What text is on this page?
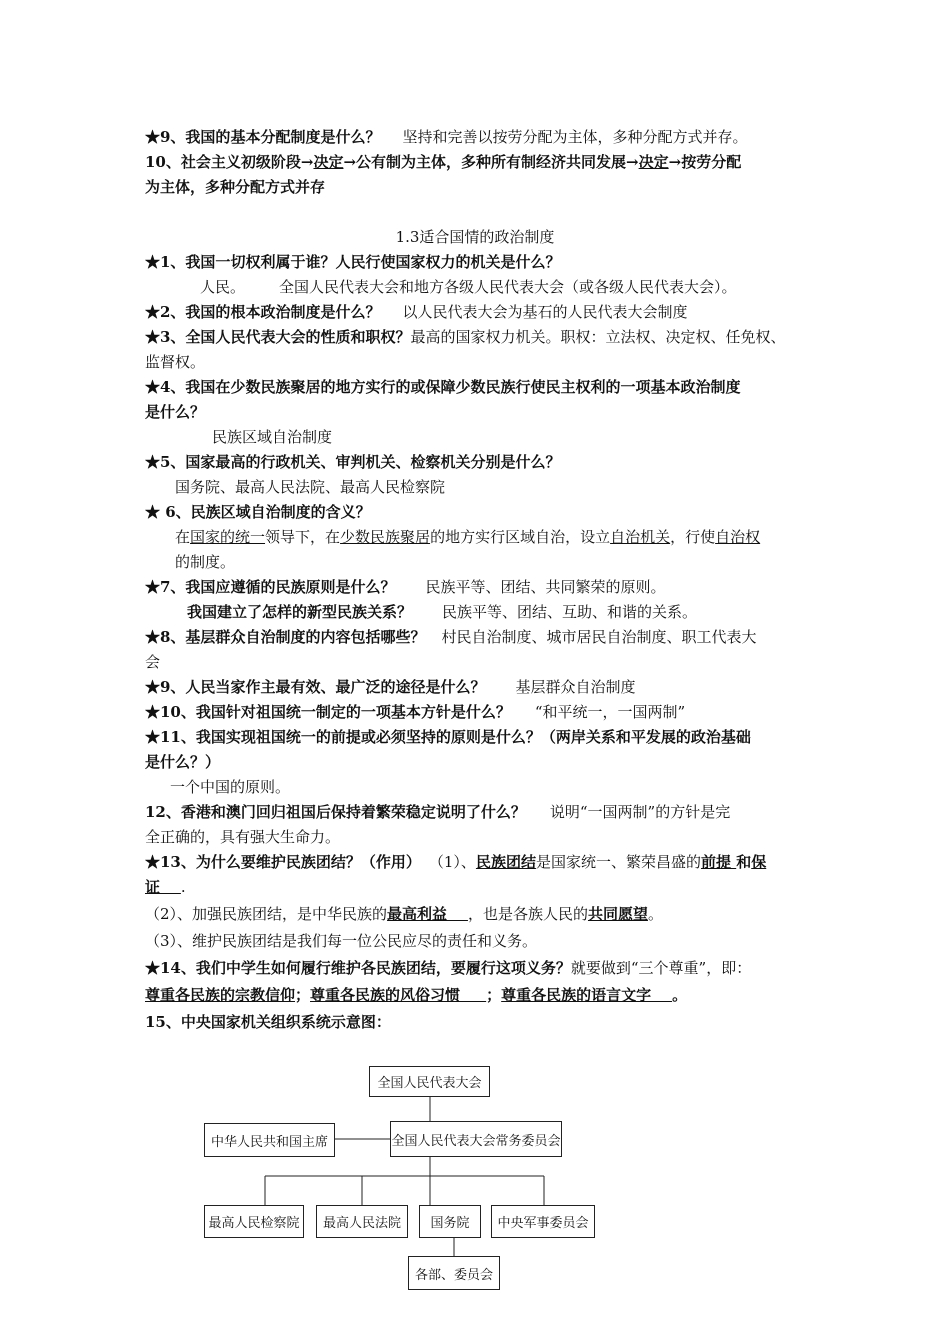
★9、我国的基本分配制度是什么？ 坚持和完善以按劳分配为主体，多种分配方式并存。
10、社会主义初级阶段→决定→公有制为主体，多种所有制经济共同发展→决定→按劳分配
为主体，多种分配方式并存
1.3适合国情的政治制度
★1、我国一切权利属于谁？人民行使国家权力的机关是什么？
人民。 全国人民代表大会和地方各级人民代表大会（或各级人民代表大会）。
★2、我国的根本政治制度是什么？ 以人民代表大会为基石的人民代表大会制度
★3、全国人民代表大会的性质和职权？最高的国家权力机关。职权：立法权、决定权、任免权、
监督权。
★4、我国在少数民族聚居的地方实行的或保障少数民族行使民主权利的一项基本政治制度
是什么？
民族区域自治制度
★5、国家最高的行政机关、审判机关、检察机关分别是什么？
国务院、最高人民法院、最高人民检察院
★ 6、民族区域自治制度的含义？
在国家的统一领导下，在少数民族聚居的地方实行区域自治，设立自治机关，行使自治权
的制度。
★7、我国应遵循的民族原则是什么？ 民族平等、团结、共同繁荣的原则。
我国建立了怎样的新型民族关系？ 民族平等、团结、互助、和谐的关系。
★8、基层群众自治制度的内容包括哪些？ 村民自治制度、城市居民自治制度、职工代表大
会
★9、人民当家作主最有效、最广泛的途径是什么？ 基层群众自治制度
★10、我国针对祖国统一制定的一项基本方针是什么？ “和平统一，一国两制”
★11、我国实现祖国统一的前提或必须坚持的原则是什么？（两岸关系和平发展的政治基础
是什么？）
一个中国的原则。
12、香港和澳门回归祖国后保持着繁荣稳定说明了什么？ 说明“一国两制”的方针是完
全正确的，具有强大生命力。
★13、为什么要维护民族团结？（作用） （1）、民族团结是国家统一、繁荣昌盛的前提 和保
证    .
（2）、加强民族团结，是中华民族的最高利益    ，也是各族人民的共同愿望。
（3）、维护民族团结是我们每一位公民应尽的责任和义务。
★14、我们中学生如何履行维护各民族团结，要履行这项义务？就要做到“三个尊重”，即：
尊重各民族的宗教信仰；尊重各民族的风俗习惯     ；尊重各民族的语言文字    。
15、中央国家机关组织系统示意图：
全国人民代表大会
中华人民共和国主席	全国人民代表大会常务委员会
最高人民检察院	最高人民法院	国务院	中央军事委员会
各部、委员会
